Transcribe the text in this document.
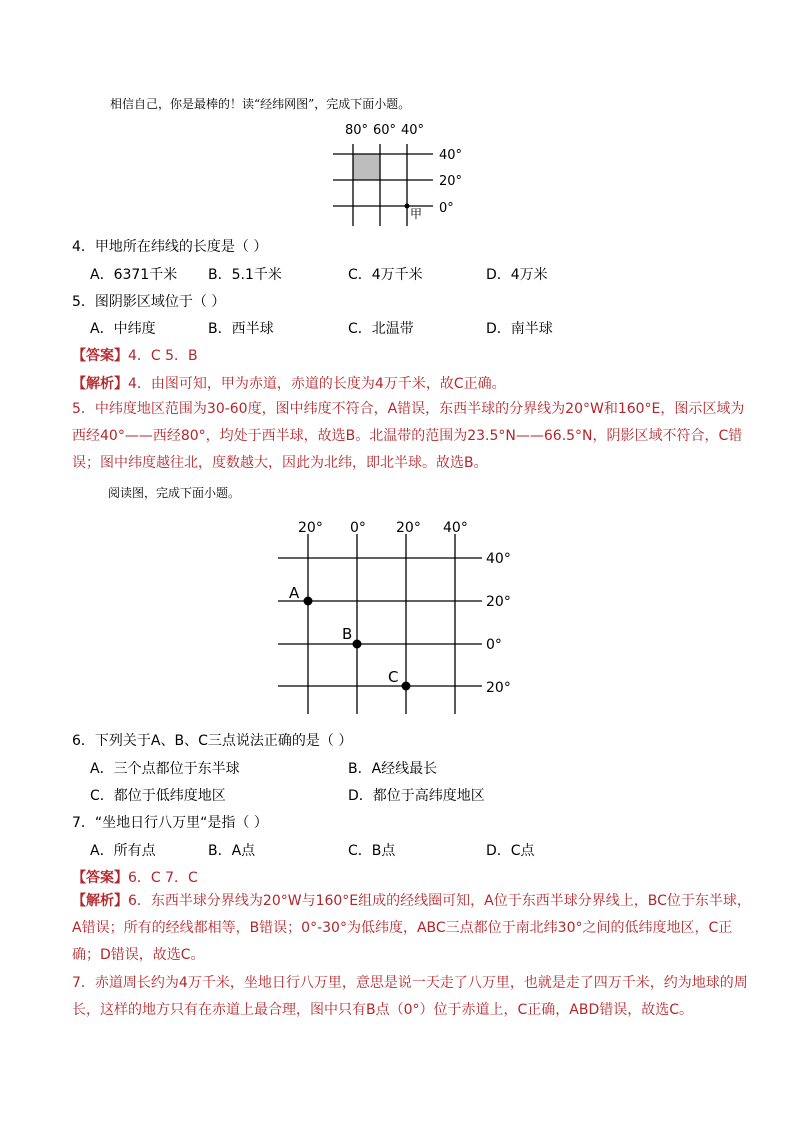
相信自己，你是最棒的！读“经纬网图”，完成下面小题。
80° 60° 40°
40°
20°
0°
甲
4．甲地所在纬线的长度是（ ）
A．6371千米 B．5.1千米	C．4万千米	D．4万米
5．图阴影区域位于（ ）
A．中纬度	B．西半球	C．北温带	D．南半球
【答案】4．C 5．B
【解析】4．由图可知，甲为赤道，赤道的长度为4万千米，故C正确。
5．中纬度地区范围为30-60度，图中纬度不符合，A错误，东西半球的分界线为20°W和160°E，图示区域为西经40°——西经80°，均处于西半球，故选B。北温带的范围为23.5°N——66.5°N，阴影区域不符合，C错误；图中纬度越往北，度数越大，因此为北纬，即北半球。故选B。
阅读图，完成下面小题。
20° 0° 20° 40°
40°
20°
0°
20°
A
B
C
6．下列关于A、B、C三点说法正确的是（ ）
A．三个点都位于东半球	B．A经线最长
C．都位于低纬度地区	D．都位于高纬度地区
7．“坐地日行八万里“是指（ ）
A．所有点	B．A点	C．B点	D．C点
【答案】6．C 7．C
【解析】6．东西半球分界线为20°W与160°E组成的经线圈可知，A位于东西半球分界线上，BC位于东半球，A错误；所有的经线都相等，B错误；0°-30°为低纬度，ABC三点都位于南北纬30°之间的低纬度地区，C正确；D错误，故选C。
7．赤道周长约为4万千米，坐地日行八万里，意思是说一天走了八万里，也就是走了四万千米，约为地球的周长，这样的地方只有在赤道上最合理，图中只有B点（0°）位于赤道上，C正确，ABD错误，故选C。
